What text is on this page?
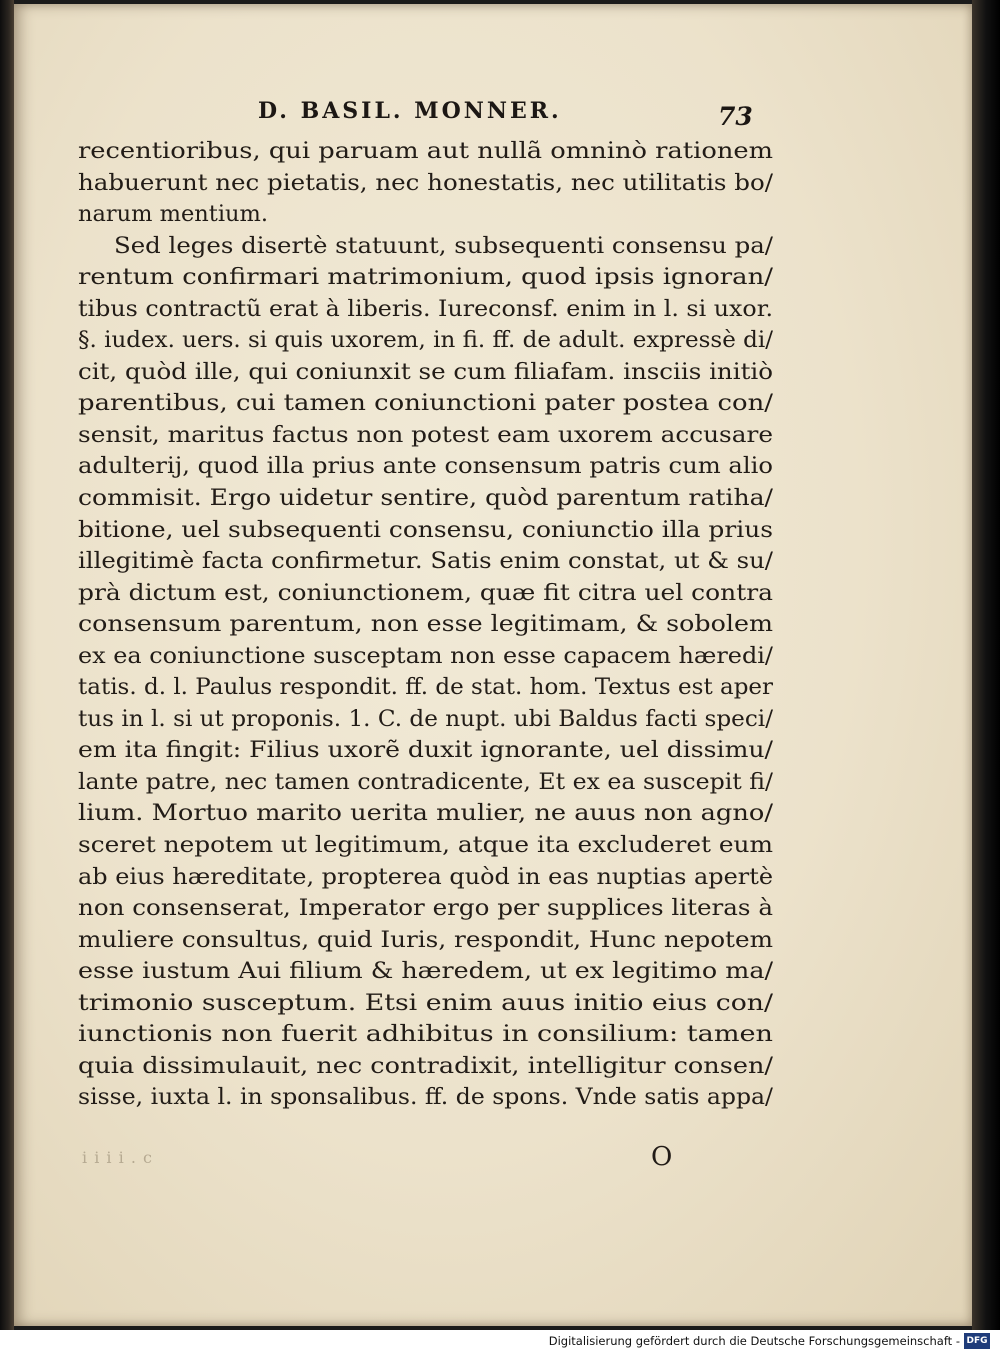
D. BASIL. MONNER.	73
recentioribus, qui paruam aut nullã omninò rationem
habuerunt nec pietatis, nec honestatis, nec utilitatis bo/
narum mentium.
Sed leges disertè statuunt, subsequenti consensu pa/
rentum confirmari matrimonium, quod ipsis ignoran/
tibus contractũ erat à liberis. Iureconsf. enim in l. si uxor.
§. iudex. uers. si quis uxorem, in fi. ff. de adult. expressè di/
cit, quòd ille, qui coniunxit se cum filiafam. insciis initiò
parentibus, cui tamen coniunctioni pater postea con/
sensit, maritus factus non potest eam uxorem accusare
adulterij, quod illa prius ante consensum patris cum alio
commisit. Ergo uidetur sentire, quòd parentum ratiha/
bitione, uel subsequenti consensu, coniunctio illa prius
illegitimè facta confirmetur. Satis enim constat, ut & su/
prà dictum est, coniunctionem, quæ fit citra uel contra
consensum parentum, non esse legitimam, & sobolem
ex ea coniunctione susceptam non esse capacem hæredi/
tatis. d. l. Paulus respondit. ff. de stat. hom. Textus est aper
tus in l. si ut proponis. 1. C. de nupt. ubi Baldus facti speci/
em ita fingit: Filius uxorẽ duxit ignorante, uel dissimu/
lante patre, nec tamen contradicente, Et ex ea suscepit fi/
lium. Mortuo marito uerita mulier, ne auus non agno/
sceret nepotem ut legitimum, atque ita excluderet eum
ab eius hæreditate, propterea quòd in eas nuptias apertè
non consenserat, Imperator ergo per supplices literas à
muliere consultus, quid Iuris, respondit, Hunc nepotem
esse iustum Aui filium & hæredem, ut ex legitimo ma/
trimonio susceptum. Etsi enim auus initio eius con/
iunctionis non fuerit adhibitus in consilium: tamen
quia dissimulauit, nec contradixit, intelligitur consen/
sisse, iuxta l. in sponsalibus. ff. de spons. Vnde satis appa/
i i i i . c	O
Digitalisierung gefördert durch die Deutsche Forschungsgemeinschaft - DFG
